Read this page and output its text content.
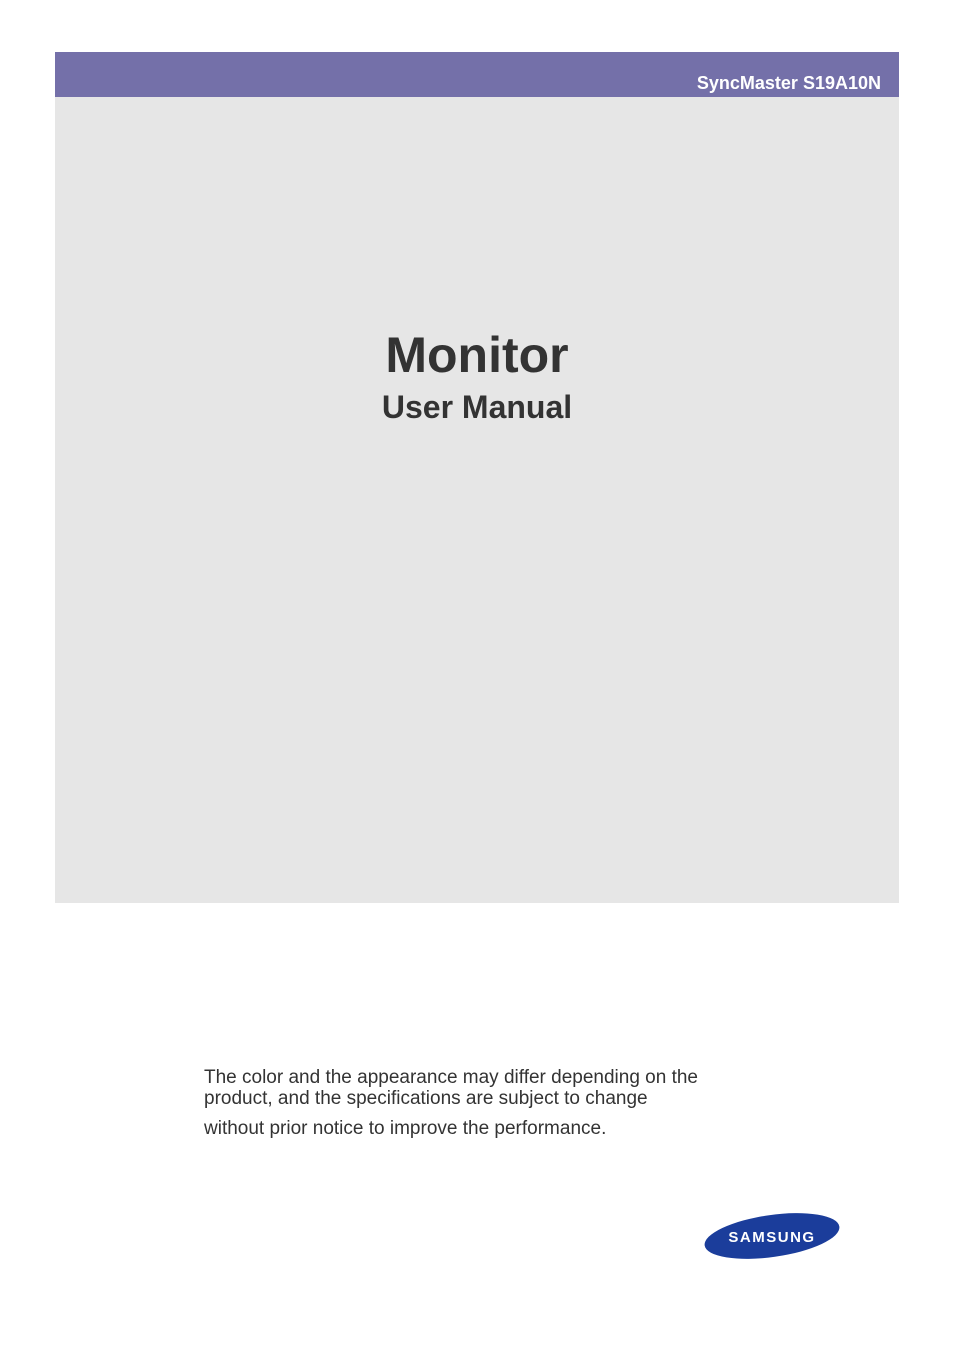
SyncMaster S19A10N
Monitor
User Manual
The color and the appearance may differ depending on the
product, and the specifications are subject to change
without prior notice to improve the performance.
SAMSUNG
